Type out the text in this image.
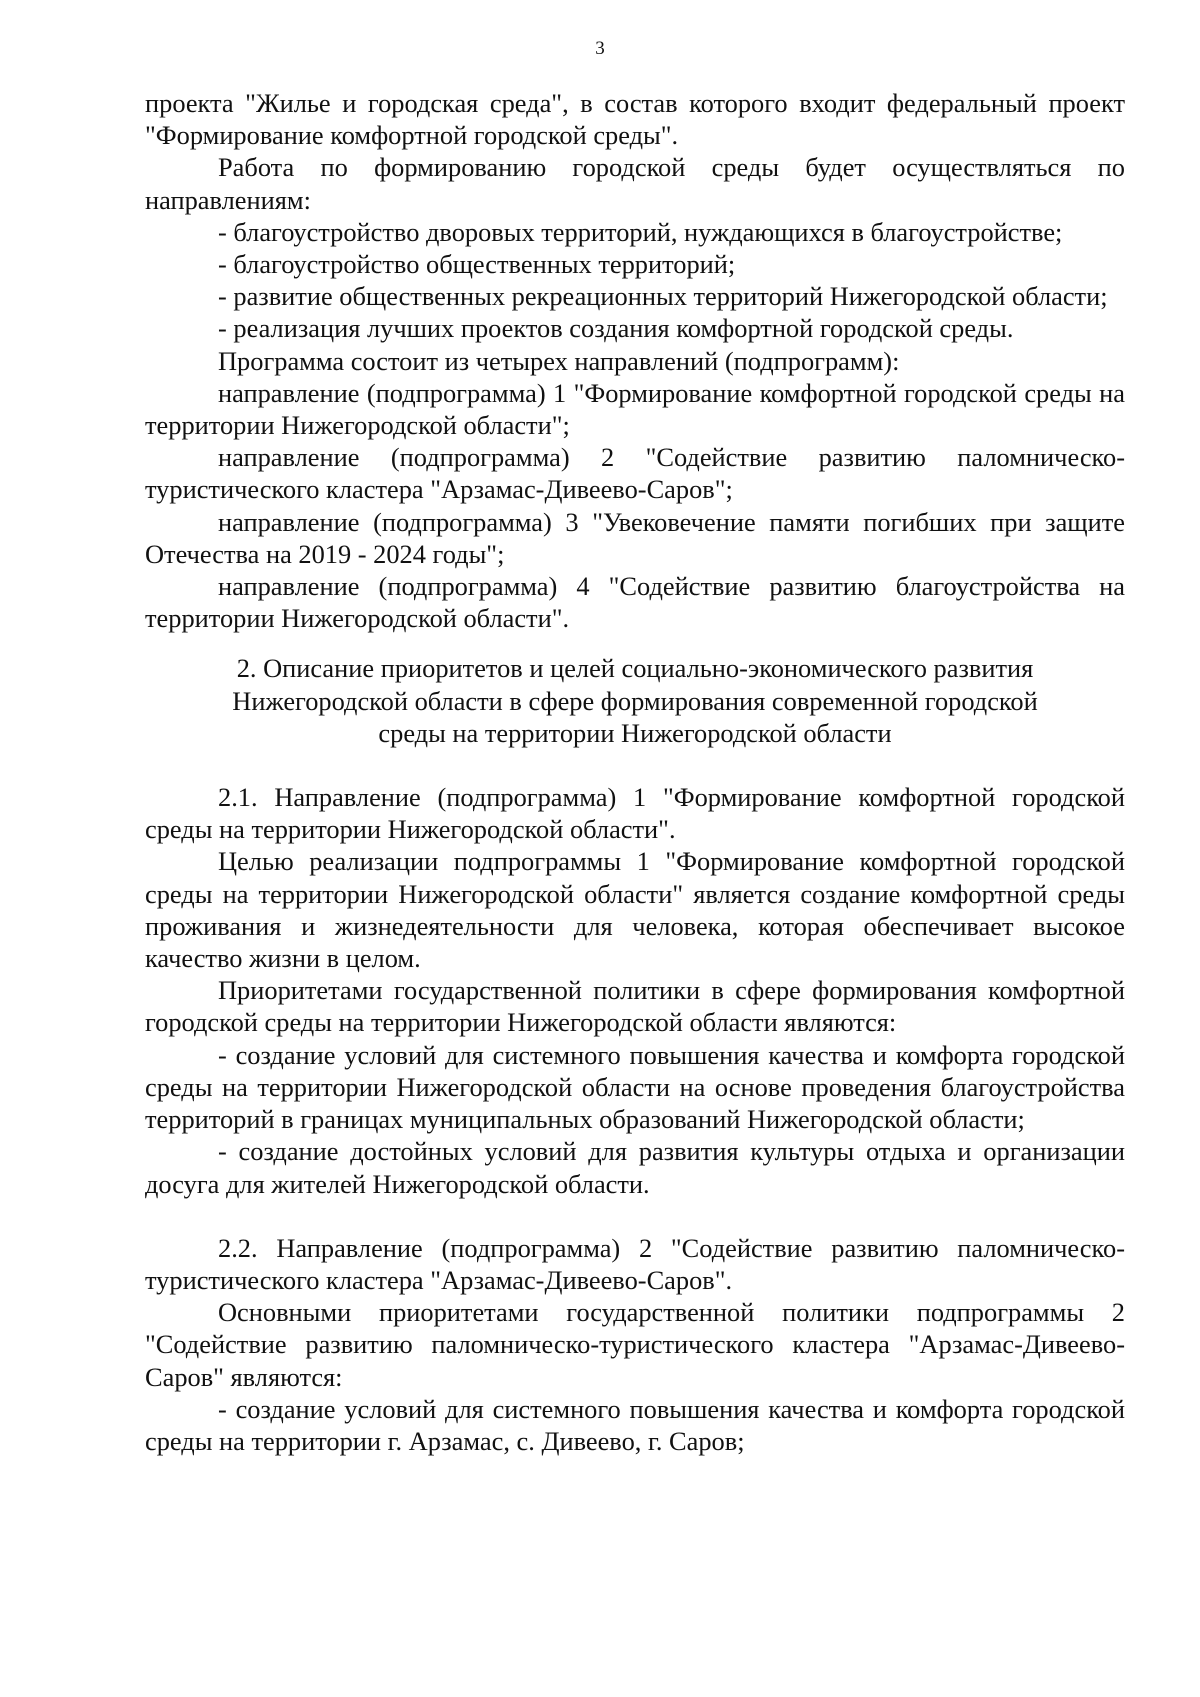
3

проекта "Жилье и городская среда", в состав которого входит федеральный проект "Формирование комфортной городской среды".

Работа по формированию городской среды будет осуществляться по направлениям:

- благоустройство дворовых территорий, нуждающихся в благоустройстве;

- благоустройство общественных территорий;

- развитие общественных рекреационных территорий Нижегородской области;

- реализация лучших проектов создания комфортной городской среды.

Программа состоит из четырех направлений (подпрограмм):

направление (подпрограмма) 1 "Формирование комфортной городской среды на территории Нижегородской области";

направление (подпрограмма) 2 "Содействие развитию паломническо-туристического кластера "Арзамас-Дивеево-Саров";

направление (подпрограмма) 3 "Увековечение памяти погибших при защите Отечества на 2019 - 2024 годы";

направление (подпрограмма) 4 "Содействие развитию благоустройства на территории Нижегородской области".

2. Описание приоритетов и целей социально-экономического развития
Нижегородской области в сфере формирования современной городской
среды на территории Нижегородской области

2.1. Направление (подпрограмма) 1 "Формирование комфортной городской среды на территории Нижегородской области".

Целью реализации подпрограммы 1 "Формирование комфортной городской среды на территории Нижегородской области" является создание комфортной среды проживания и жизнедеятельности для человека, которая обеспечивает высокое качество жизни в целом.

Приоритетами государственной политики в сфере формирования комфортной городской среды на территории Нижегородской области являются:

- создание условий для системного повышения качества и комфорта городской среды на территории Нижегородской области на основе проведения благоустройства территорий в границах муниципальных образований Нижегородской области;

- создание достойных условий для развития культуры отдыха и организации досуга для жителей Нижегородской области.

2.2. Направление (подпрограмма) 2 "Содействие развитию паломническо-туристического кластера "Арзамас-Дивеево-Саров".

Основными приоритетами государственной политики подпрограммы 2 "Содействие развитию паломническо-туристического кластера "Арзамас-Дивеево-Саров" являются:

- создание условий для системного повышения качества и комфорта городской среды на территории г. Арзамас, с. Дивеево, г. Саров;
